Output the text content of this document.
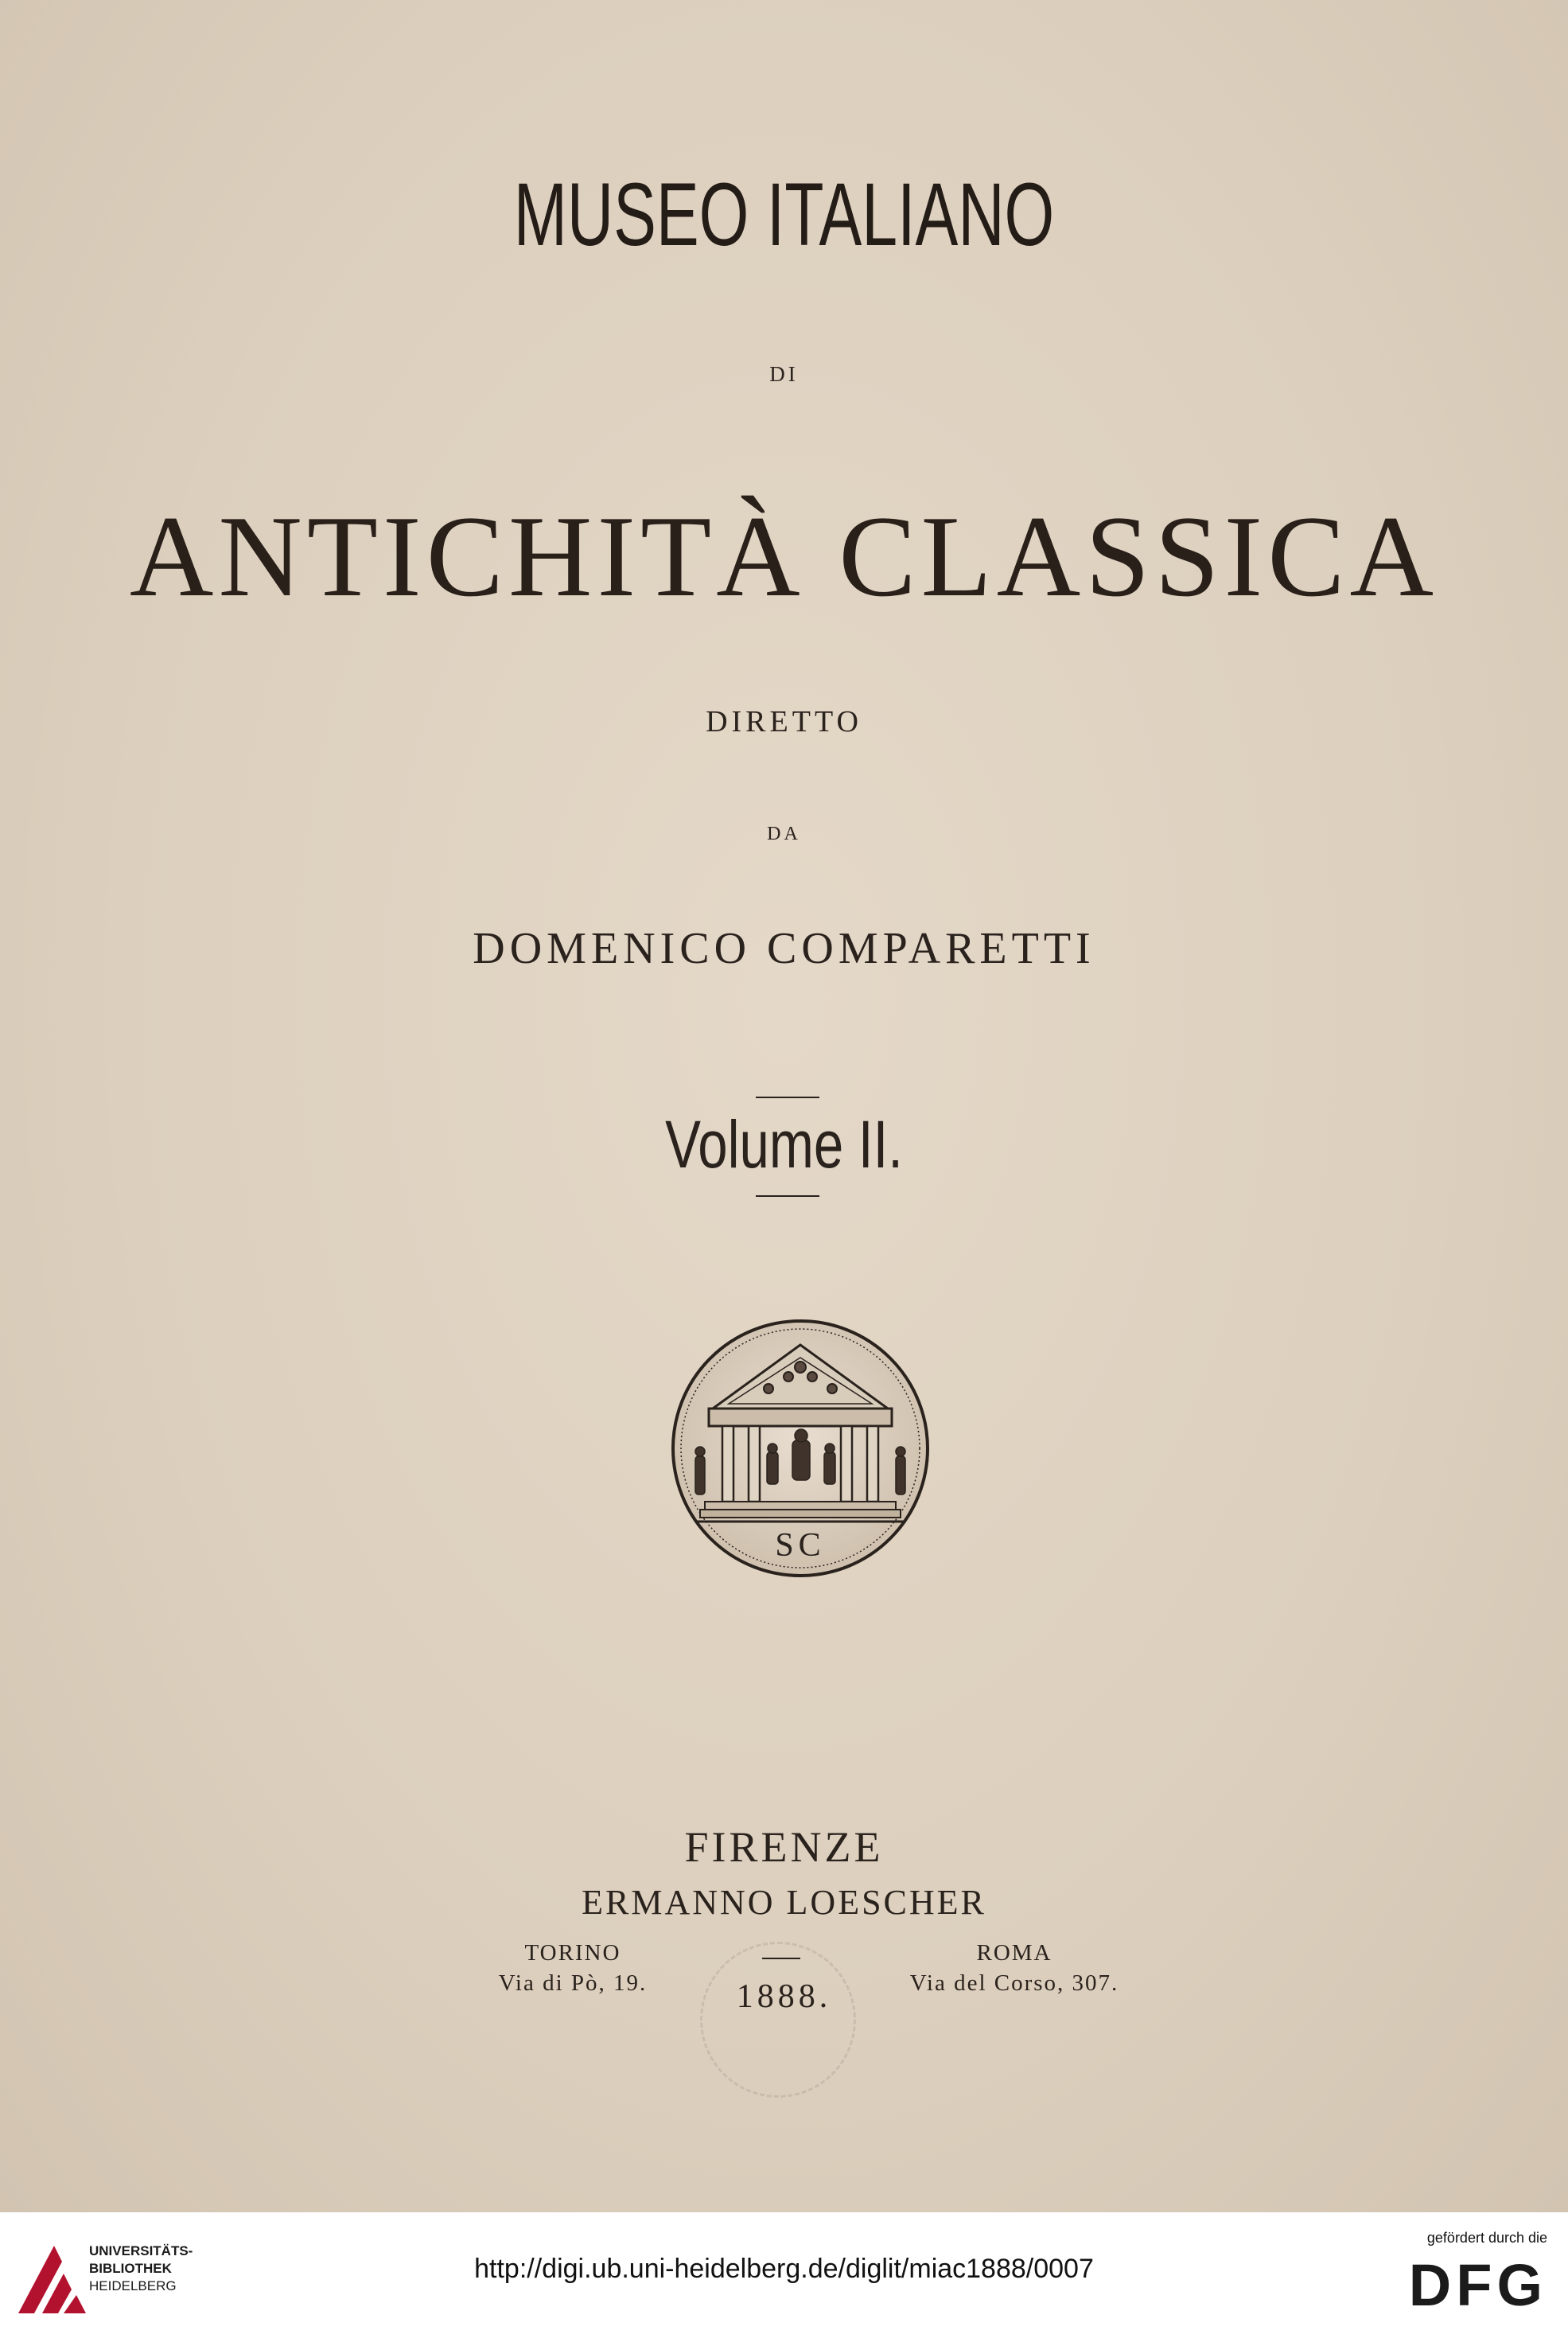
MUSEO ITALIANO

DI

ANTICHITÀ CLASSICA

DIRETTO

DA

DOMENICO COMPARETTI

Volume II.

SC

FIRENZE

ERMANNO LOESCHER

TORINO
Via di Pò, 19.
ROMA
Via del Corso, 307.

1888.

UNIVERSITÄTS-
BIBLIOTHEK
HEIDELBERG
http://digi.ub.uni-heidelberg.de/diglit/miac1888/0007
gefördert durch die
DFG
